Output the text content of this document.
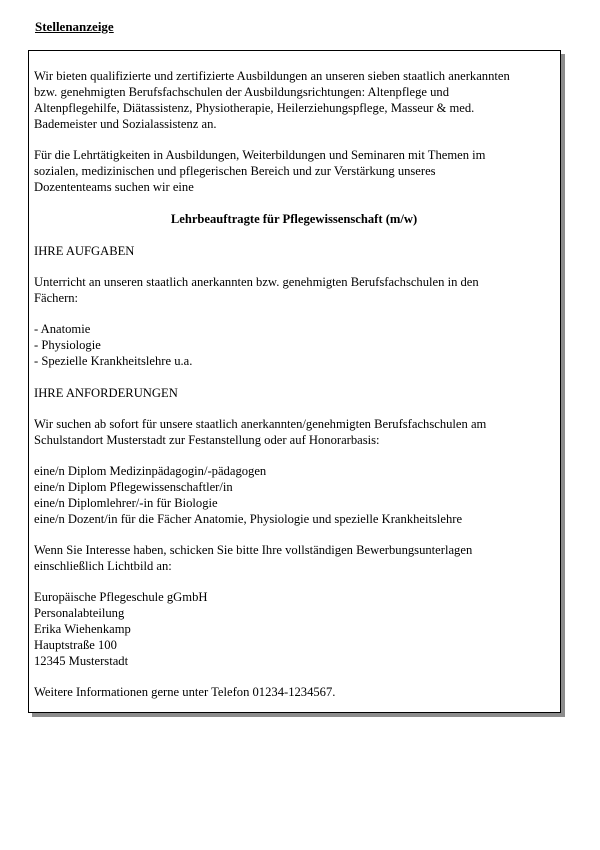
Stellenanzeige

Wir bieten qualifizierte und zertifizierte Ausbildungen an unseren sieben staatlich anerkannten
bzw. genehmigten Berufsfachschulen der Ausbildungsrichtungen: Altenpflege und
Altenpflegehilfe, Diätassistenz, Physiotherapie, Heilerziehungspflege, Masseur & med.
Bademeister und Sozialassistenz an.

Für die Lehrtätigkeiten in Ausbildungen, Weiterbildungen und Seminaren mit Themen im
sozialen, medizinischen und pflegerischen Bereich und zur Verstärkung unseres
Dozententeams suchen wir eine

Lehrbeauftragte für Pflegewissenschaft (m/w)

IHRE AUFGABEN

Unterricht an unseren staatlich anerkannten bzw. genehmigten Berufsfachschulen in den
Fächern:

- Anatomie
- Physiologie
- Spezielle Krankheitslehre u.a.

IHRE ANFORDERUNGEN

Wir suchen ab sofort für unsere staatlich anerkannten/genehmigten Berufsfachschulen am
Schulstandort Musterstadt zur Festanstellung oder auf Honorarbasis:

eine/n Diplom Medizinpädagogin/-pädagogen
eine/n Diplom Pflegewissenschaftler/in
eine/n Diplomlehrer/-in für Biologie
eine/n Dozent/in für die Fächer Anatomie, Physiologie und spezielle Krankheitslehre

Wenn Sie Interesse haben, schicken Sie bitte Ihre vollständigen Bewerbungsunterlagen
einschließlich Lichtbild an:

Europäische Pflegeschule gGmbH
Personalabteilung
Erika Wiehenkamp
Hauptstraße 100
12345 Musterstadt

Weitere Informationen gerne unter Telefon 01234-1234567.
